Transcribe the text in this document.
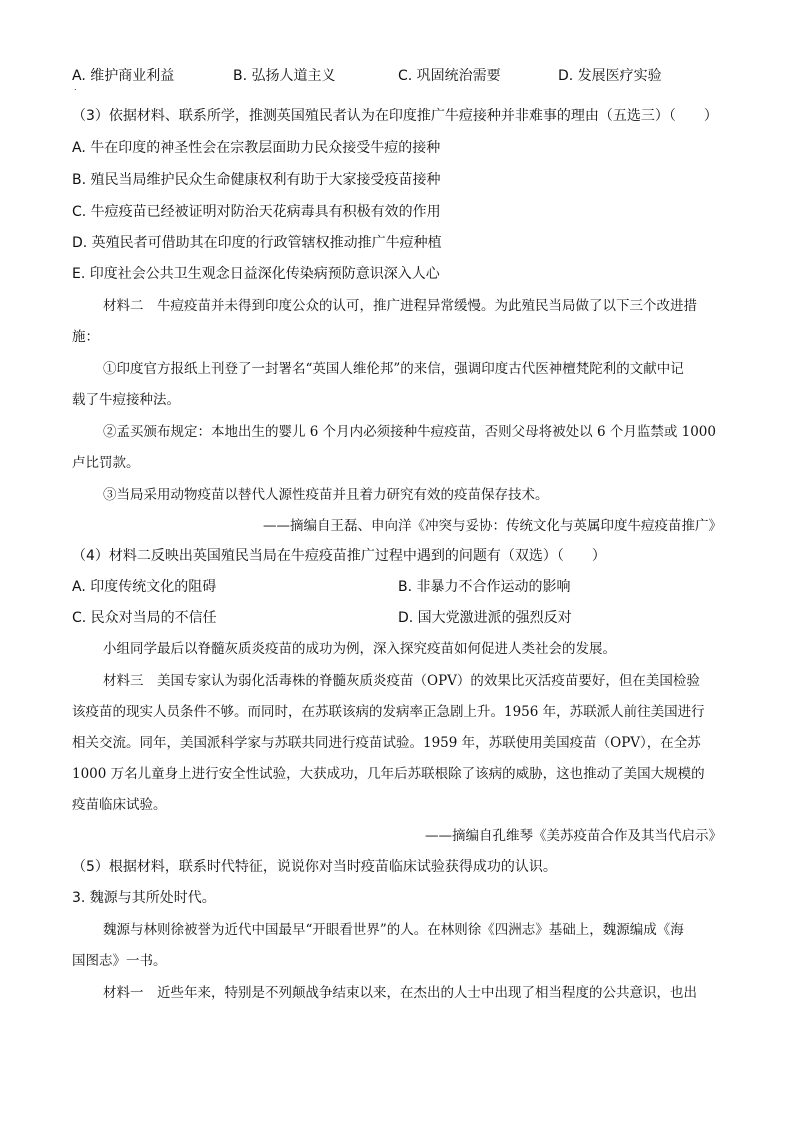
A. 维护商业利益	B. 弘扬人道主义	C. 巩固统治需要	D. 发展医疗实验
.
（3）依据材料、联系所学，推测英国殖民者认为在印度推广牛痘接种并非难事的理由（五选三）（　　）
A. 牛在印度的神圣性会在宗教层面助力民众接受牛痘的接种
B. 殖民当局维护民众生命健康权利有助于大家接受疫苗接种
C. 牛痘疫苗已经被证明对防治天花病毒具有积极有效的作用
D. 英殖民者可借助其在印度的行政管辖权推动推广牛痘种植
E. 印度社会公共卫生观念日益深化传染病预防意识深入人心
材料二　牛痘疫苗并未得到印度公众的认可，推广进程异常缓慢。为此殖民当局做了以下三个改进措
施：
①印度官方报纸上刊登了一封署名“英国人维伦邦”的来信，强调印度古代医神檀梵陀利的文献中记
载了牛痘接种法。
②孟买颁布规定：本地出生的婴儿 6 个月内必须接种牛痘疫苗，否则父母将被处以 6 个月监禁或 1000
卢比罚款。
③当局采用动物疫苗以替代人源性疫苗并且着力研究有效的疫苗保存技术。
——摘编自王磊、申向洋《冲突与妥协：传统文化与英属印度牛痘疫苗推广》
（4）材料二反映出英国殖民当局在牛痘疫苗推广过程中遇到的问题有（双选）（　　）
A. 印度传统文化的阻碍	B. 非暴力不合作运动的影响
C. 民众对当局的不信任	D. 国大党激进派的强烈反对
小组同学最后以脊髓灰质炎疫苗的成功为例，深入探究疫苗如何促进人类社会的发展。
材料三　美国专家认为弱化活毒株的脊髓灰质炎疫苗（OPV）的效果比灭活疫苗要好，但在美国检验
该疫苗的现实人员条件不够。而同时，在苏联该病的发病率正急剧上升。1956 年，苏联派人前往美国进行
相关交流。同年，美国派科学家与苏联共同进行疫苗试验。1959 年，苏联使用美国疫苗（OPV），在全苏
1000 万名儿童身上进行安全性试验，大获成功，几年后苏联根除了该病的威胁，这也推动了美国大规模的
疫苗临床试验。
——摘编自孔维琴《美苏疫苗合作及其当代启示》
（5）根据材料，联系时代特征，说说你对当时疫苗临床试验获得成功的认识。
3. 魏源与其所处时代。
魏源与林则徐被誉为近代中国最早“开眼看世界”的人。在林则徐《四洲志》基础上，魏源编成《海
国图志》一书。
材料一　近些年来，特别是不列颠战争结束以来，在杰出的人士中出现了相当程度的公共意识，也出
